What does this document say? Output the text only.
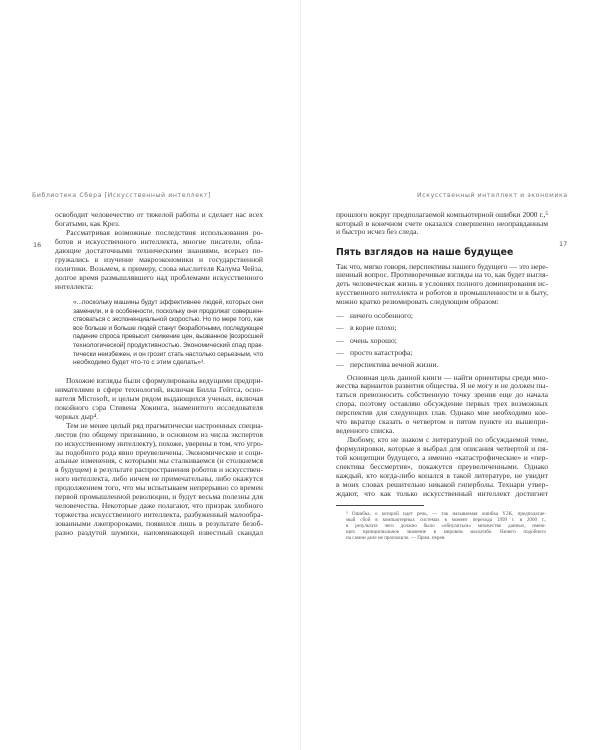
Библиотека Сбера [Искусственный интеллект]
16
освободит человечество от тяжелой работы и сделает нас всех
богатыми, как Крез.
Рассматривая возможные последствия использования ро-
ботов и искусственного интеллекта, многие писатели, обла-
дающие достаточными техническими знаниями, всерьез по-
гружались в изучение макроэкономики и государственной
политики. Возьмем, к примеру, слова мыслителя Калума Чейза,
долгое время размышлявшего над проблемами искусственного
интеллекта:
«...поскольку машины будут эффективнее людей, которых они
заменили, и в особенности, поскольку они продолжат совершен-
ствоваться с экспоненциальной скоростью. Но по мере того, как
все больше и больше людей станут безработными, последующее
падение спроса превысит снижение цен, вызванное [возросшей
технологической] продуктивностью. Экономический спад прак-
тически неизбежен, и он грозит стать настолько серьезным, что
необходимо будет что-то с этим сделать»³.
Похожие взгляды были сформулированы ведущими предпри-
нимателями в сфере технологий, включая Билла Гейтса, осно-
вателя Microsoft, и целым рядом выдающихся ученых, включая
покойного сэра Стивена Хокинга, знаменитого исследователя
черных дыр⁴.
Тем не менее целый ряд прагматически настроенных специа-
листов (по общему признанию, в основном из числа экспертов
по искусственному интеллекту), похоже, уверены в том, что угро-
зы подобного рода явно преувеличены. Экономические и соци-
альные изменения, с которыми мы сталкиваемся (и столкнемся
в будущем) в результате распространения роботов и искусствен-
ного интеллекта, либо ничем не примечательны, либо окажутся
продолжением того, что мы испытываем непрерывно со времен
первой промышленной революции, и будут весьма полезны для
человечества. Некоторые даже полагают, что призрак злобного
торжества искусственного интеллекта, разбуженный малообра-
зованными лжепророками, появился лишь в результате безоб-
разно раздутой шумихи, напоминающей известный скандал
Искусственный интеллект и экономика
17
прошлого вокруг предполагаемой компьютерной ошибки 2000 г.,⁵
который в конечном счете оказался совершенно неоправданным
и быстро исчез без следа.
Пять взглядов на наше будущее
Так что, мягко говоря, перспективы нашего будущего — это нере-
шенный вопрос. Противоречивые взгляды на то, как будет выгля-
деть человеческая жизнь в условиях полного доминирования ис-
кусственного интеллекта и роботов в промышленности и в быту,
можно кратко резюмировать следующим образом:
— ничего особенного;
— в корне плохо;
— очень хорошо;
— просто катастрофа;
— перспектива вечной жизни.
Основная цель данной книги — найти ориентиры среди мно-
жества вариантов развития общества. Я не могу и не должен пы-
таться превозносить собственную точку зрения еще до начала
спора, поэтому оставляю обсуждение первых трех возможных
перспектив для следующих глав. Однако мне необходимо кое-
что вкратце сказать о четвертом и пятом пункте из вышепри-
веденного списка.
Любому, кто не знаком с литературой по обсуждаемой теме,
формулировки, которые я выбрал для описания четвертой и пя-
той концепции будущего, а именно «катастрофические» и «пер-
спектива бессмертия», покажутся преувеличенными. Однако
каждый, кто когда-либо копался в такой литературе, не увидит
в моих словах решительно никакой гиперболы. Технари утвер-
ждают, что как только искусственный интеллект достигнет
⁵ Ошибка, о которой идет речь, — так называемая ошибка Y2K, предполагае-
мый сбой в компьютерных системах в момент перехода 1999 г. в 2000 г.,
в результате чего должно было «обнулиться» множество данных, имею-
щих принципиальное значение в мировом масштабе. Ничего подобного
на самом деле не произошло. — Прим. перев.
